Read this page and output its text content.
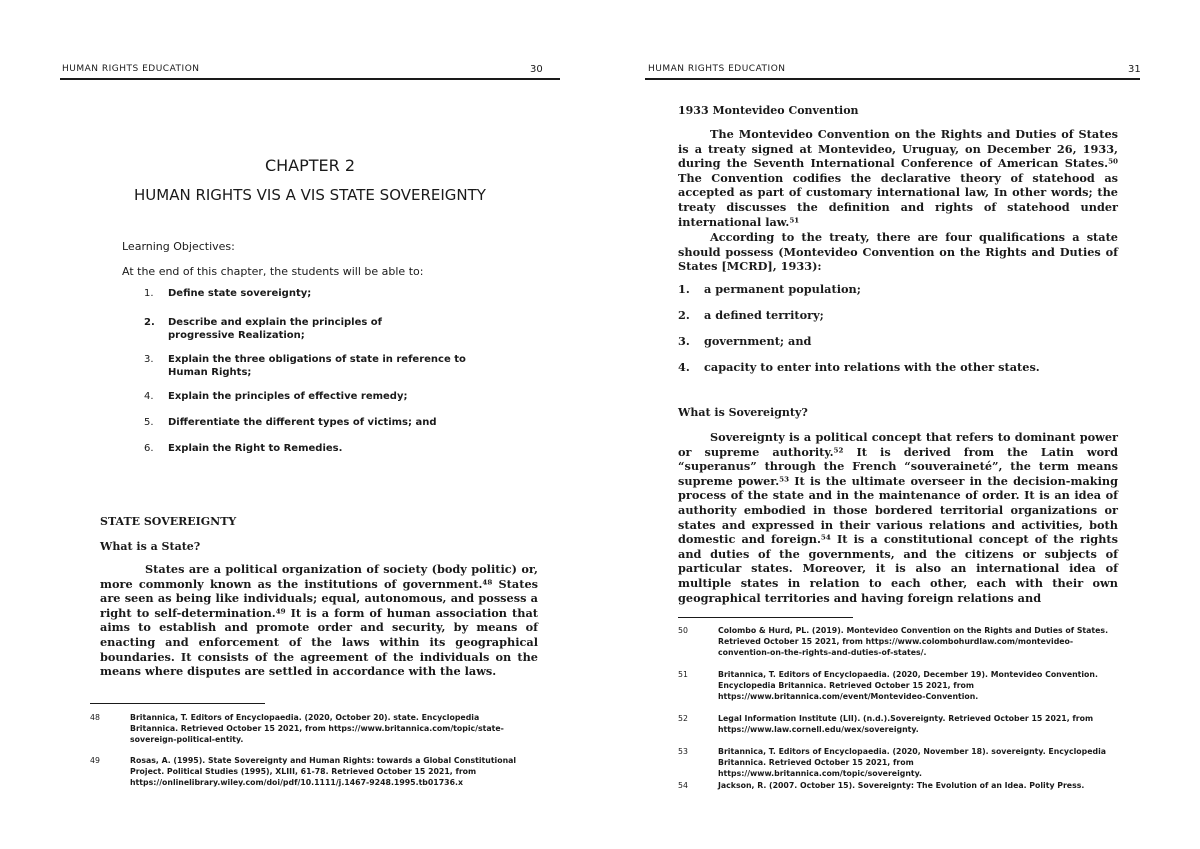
HUMAN RIGHTS EDUCATION	30
CHAPTER 2
HUMAN RIGHTS VIS A VIS STATE SOVEREIGNTY
Learning Objectives:
At the end of this chapter, the students will be able to:
1. Define state sovereignty;
2. Describe and explain the principles of progressive Realization;
3. Explain the three obligations of state in reference to Human Rights;
4. Explain the principles of effective remedy;
5. Differentiate the different types of victims; and
6. Explain the Right to Remedies.
STATE SOVEREIGNTY
What is a State?

States are a political organization of society (body politic) or, more commonly known as the institutions of government.⁴⁸ States are seen as being like individuals; equal, autonomous, and possess a right to self-determination.⁴⁹ It is a form of human association that aims to establish and promote order and security, by means of enacting and enforcement of the laws within its geographical boundaries. It consists of the agreement of the individuals on the means where disputes are settled in accordance with the laws.

48	Britannica, T. Editors of Encyclopaedia. (2020, October 20). state. Encyclopedia Britannica. Retrieved October 15 2021, from https://www.britannica.com/topic/state-sovereign-political-entity.
49	Rosas, A. (1995). State Sovereignty and Human Rights: towards a Global Constitutional Project. Political Studies (1995), XLIII, 61-78. Retrieved October 15 2021, from https://onlinelibrary.wiley.com/doi/pdf/10.1111/j.1467-9248.1995.tb01736.x
HUMAN RIGHTS EDUCATION	31
1933 Montevideo Convention

The Montevideo Convention on the Rights and Duties of States is a treaty signed at Montevideo, Uruguay, on December 26, 1933, during the Seventh International Conference of American States.⁵⁰ The Convention codifies the declarative theory of statehood as accepted as part of customary international law, In other words; the treaty discusses the definition and rights of statehood under international law.⁵¹

According to the treaty, there are four qualifications a state should possess (Montevideo Convention on the Rights and Duties of States [MCRD], 1933):

1. a permanent population;
2. a defined territory;
3. government; and
4. capacity to enter into relations with the other states.
What is Sovereignty?

Sovereignty is a political concept that refers to dominant power or supreme authority.⁵² It is derived from the Latin word “superanus” through the French “souveraineté”, the term means supreme power.⁵³ It is the ultimate overseer in the decision-making process of the state and in the maintenance of order. It is an idea of authority embodied in those bordered territorial organizations or states and expressed in their various relations and activities, both domestic and foreign.⁵⁴ It is a constitutional concept of the rights and duties of the governments, and the citizens or subjects of particular states. Moreover, it is also an international idea of multiple states in relation to each other, each with their own geographical territories and having foreign relations and

50	Colombo & Hurd, PL. (2019). Montevideo Convention on the Rights and Duties of States. Retrieved October 15 2021, from https://www.colombohurdlaw.com/montevideo-convention-on-the-rights-and-duties-of-states/.
51	Britannica, T. Editors of Encyclopaedia. (2020, December 19). Montevideo Convention. Encyclopedia Britannica. Retrieved October 15 2021, from https://www.britannica.com/event/Montevideo-Convention.
52	Legal Information Institute (LII). (n.d.).Sovereignty. Retrieved October 15 2021, from https://www.law.cornell.edu/wex/sovereignty.
53	Britannica, T. Editors of Encyclopaedia. (2020, November 18). sovereignty. Encyclopedia Britannica. Retrieved October 15 2021, from https://www.britannica.com/topic/sovereignty.
54	Jackson, R. (2007. October 15). Sovereignty: The Evolution of an Idea. Polity Press.
